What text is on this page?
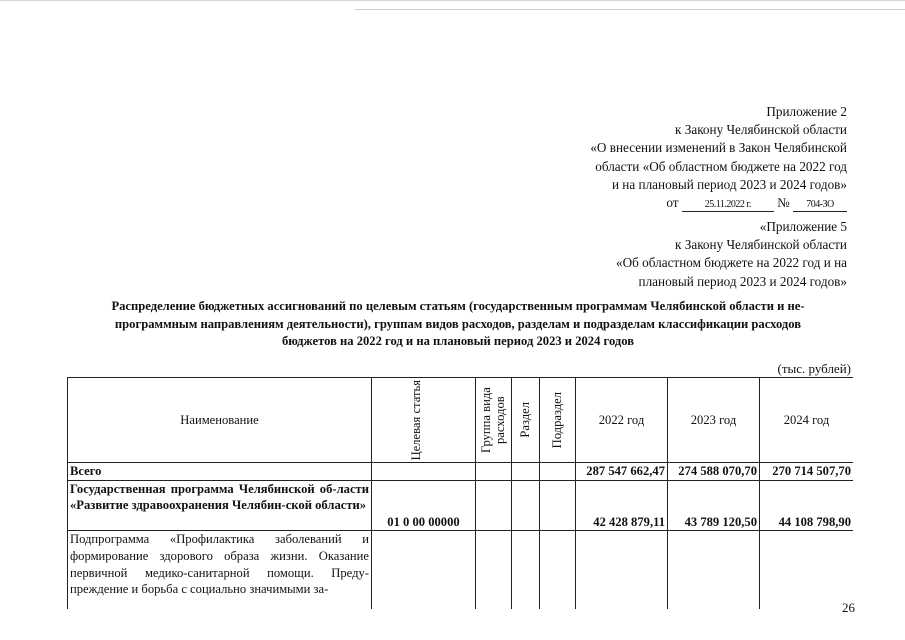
Приложение 2
к Закону Челябинской области
«О внесении изменений в Закон Челябинской
области «Об областном бюджете на 2022 год
и на плановый период 2023 и 2024 годов»
от	25.11.2022 г. № 704-ЗО
«Приложение 5
к Закону Челябинской области
«Об областном бюджете на 2022 год и на
плановый период 2023 и 2024 годов»
Распределение бюджетных ассигнований по целевым статьям (государственным программам Челябинской области и не-
программным направлениям деятельности), группам видов расходов, разделам и подразделам классификации расходов
бюджетов на 2022 год и на плановый период 2023 и 2024 годов
(тыс. рублей)
Наименование	Целевая статья	Группа вида расходов	Раздел	Подраздел	2022 год	2023 год	2024 год
Всего					287 547 662,47	274 588 070,70	270 714 507,70
Государственная программа Челябинской об-ласти «Развитие здравоохранения Челябин-ской области»	01 0 00 00000				42 428 879,11	43 789 120,50	44 108 798,90
Подпрограмма «Профилактика заболеваний и формирование здорового образа жизни. Оказание первичной медико-санитарной помощи. Преду-преждение и борьба с социально значимыми за-							
26
